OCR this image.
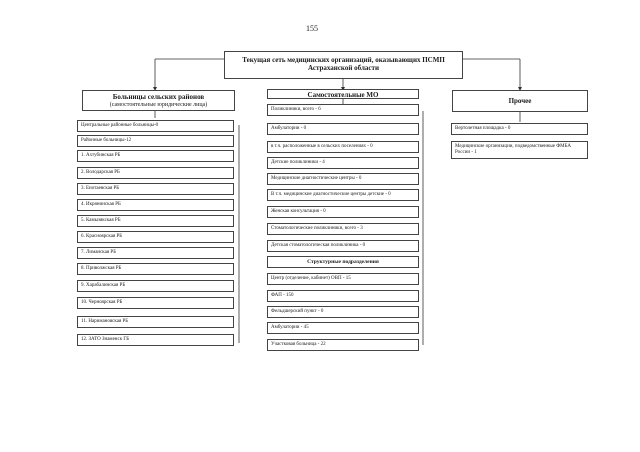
155
Текущая сеть медицинских организаций, оказывающих ПСМП
Астраханской области
Больницы сельских районов
(самостоятельные юридические лица)
Самостоятельные МО
Прочее
Центральные районные больницы-0
Районные больницы-12
1. Ахтубинская РБ
2. Володарская РБ
3. Енотаевская РБ
4. Икрянинская РБ
5. Камызякская РБ
6. Красноярская РБ
7. Лиманская РБ
8. Приволжская РБ
9. Харабалинская РБ
10. Черноярская РБ
11. Наримановская РБ
12. ЗАТО Знаменск ГБ
Поликлиники, всего - 6
Амбулатории - 0
в т.ч. расположенные в сельских поселениях - 0
Детские поликлиники - 4
Медицинские диагностические центры - 0
В т.ч. медицинские диагностические центры детские - 0
Женская консультация - 0
Стоматологические поликлиники, всего - 3
Детская стоматологическая поликлиника - 0
Структурные подразделения
Центр (отделение, кабинет) ОВП - 15
ФАП - 150
Фельдшерский пункт - 0
Амбулатории - 45
Участковая больница - 22
Вертолетная площадка - 0
Медицинские организации, подведомственные ФМБА России - 1
